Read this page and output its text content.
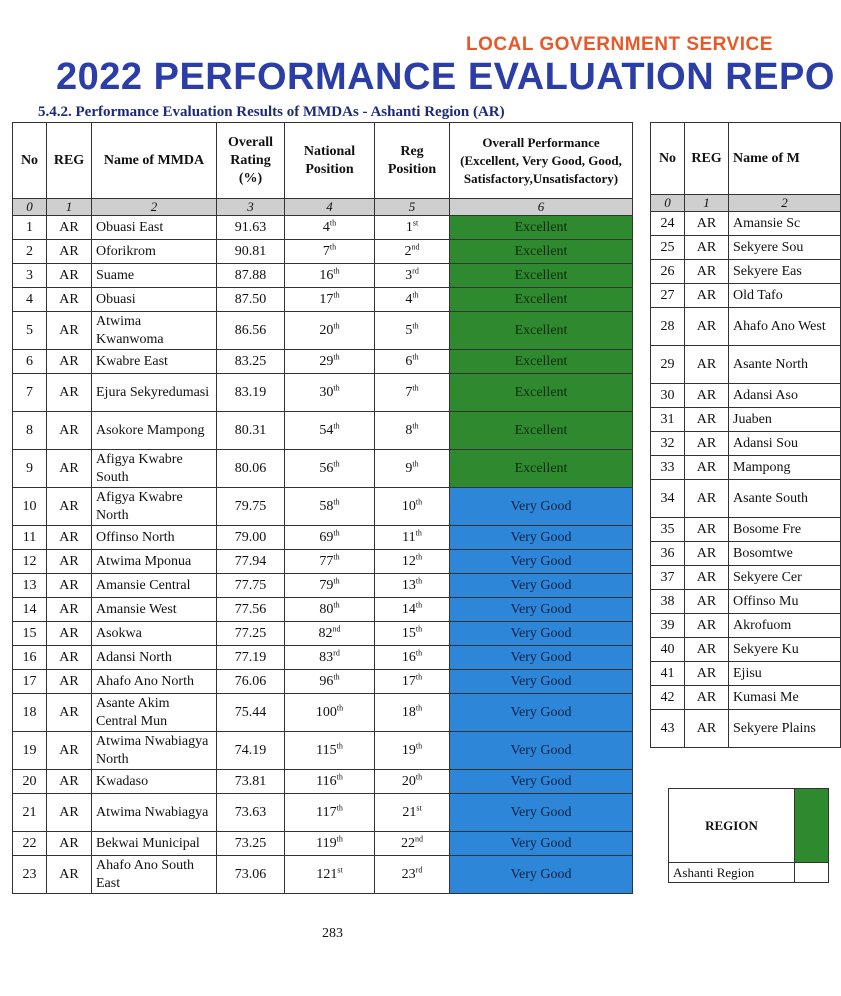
LOCAL GOVERNMENT SERVICE
2022 PERFORMANCE EVALUATION REPO
5.4.2. Performance Evaluation Results of MMDAs - Ashanti Region (AR)
No	REG	Name of MMDA	Overall Rating (%)	National Position	Reg Position	Overall Performance (Excellent, Very Good, Good, Satisfactory,Unsatisfactory)
0	1	2	3	4	5	6
1	AR	Obuasi East	91.63	4th	1st	Excellent
2	AR	Oforikrom	90.81	7th	2nd	Excellent
3	AR	Suame	87.88	16th	3rd	Excellent
4	AR	Obuasi	87.50	17th	4th	Excellent
5	AR	Atwima Kwanwoma	86.56	20th	5th	Excellent
6	AR	Kwabre East	83.25	29th	6th	Excellent
7	AR	Ejura Sekyredumasi	83.19	30th	7th	Excellent
8	AR	Asokore Mampong	80.31	54th	8th	Excellent
9	AR	Afigya Kwabre South	80.06	56th	9th	Excellent
10	AR	Afigya Kwabre North	79.75	58th	10th	Very Good
11	AR	Offinso North	79.00	69th	11th	Very Good
12	AR	Atwima Mponua	77.94	77th	12th	Very Good
13	AR	Amansie Central	77.75	79th	13th	Very Good
14	AR	Amansie West	77.56	80th	14th	Very Good
15	AR	Asokwa	77.25	82nd	15th	Very Good
16	AR	Adansi North	77.19	83rd	16th	Very Good
17	AR	Ahafo Ano North	76.06	96th	17th	Very Good
18	AR	Asante Akim Central Mun	75.44	100th	18th	Very Good
19	AR	Atwima Nwabiagya North	74.19	115th	19th	Very Good
20	AR	Kwadaso	73.81	116th	20th	Very Good
21	AR	Atwima Nwabiagya	73.63	117th	21st	Very Good
22	AR	Bekwai Municipal	73.25	119th	22nd	Very Good
23	AR	Ahafo Ano South East	73.06	121st	23rd	Very Good
No	REG	Name of M
0	1	2
24	AR	Amansie Sc
25	AR	Sekyere Sou
26	AR	Sekyere Eas
27	AR	Old Tafo
28	AR	Ahafo Ano West
29	AR	Asante North
30	AR	Adansi Aso
31	AR	Juaben
32	AR	Adansi Sou
33	AR	Mampong
34	AR	Asante South
35	AR	Bosome Fre
36	AR	Bosomtwe
37	AR	Sekyere Cer
38	AR	Offinso Mu
39	AR	Akrofuom
40	AR	Sekyere Ku
41	AR	Ejisu
42	AR	Kumasi Me
43	AR	Sekyere Plains
REGION	
Ashanti Region	
283
